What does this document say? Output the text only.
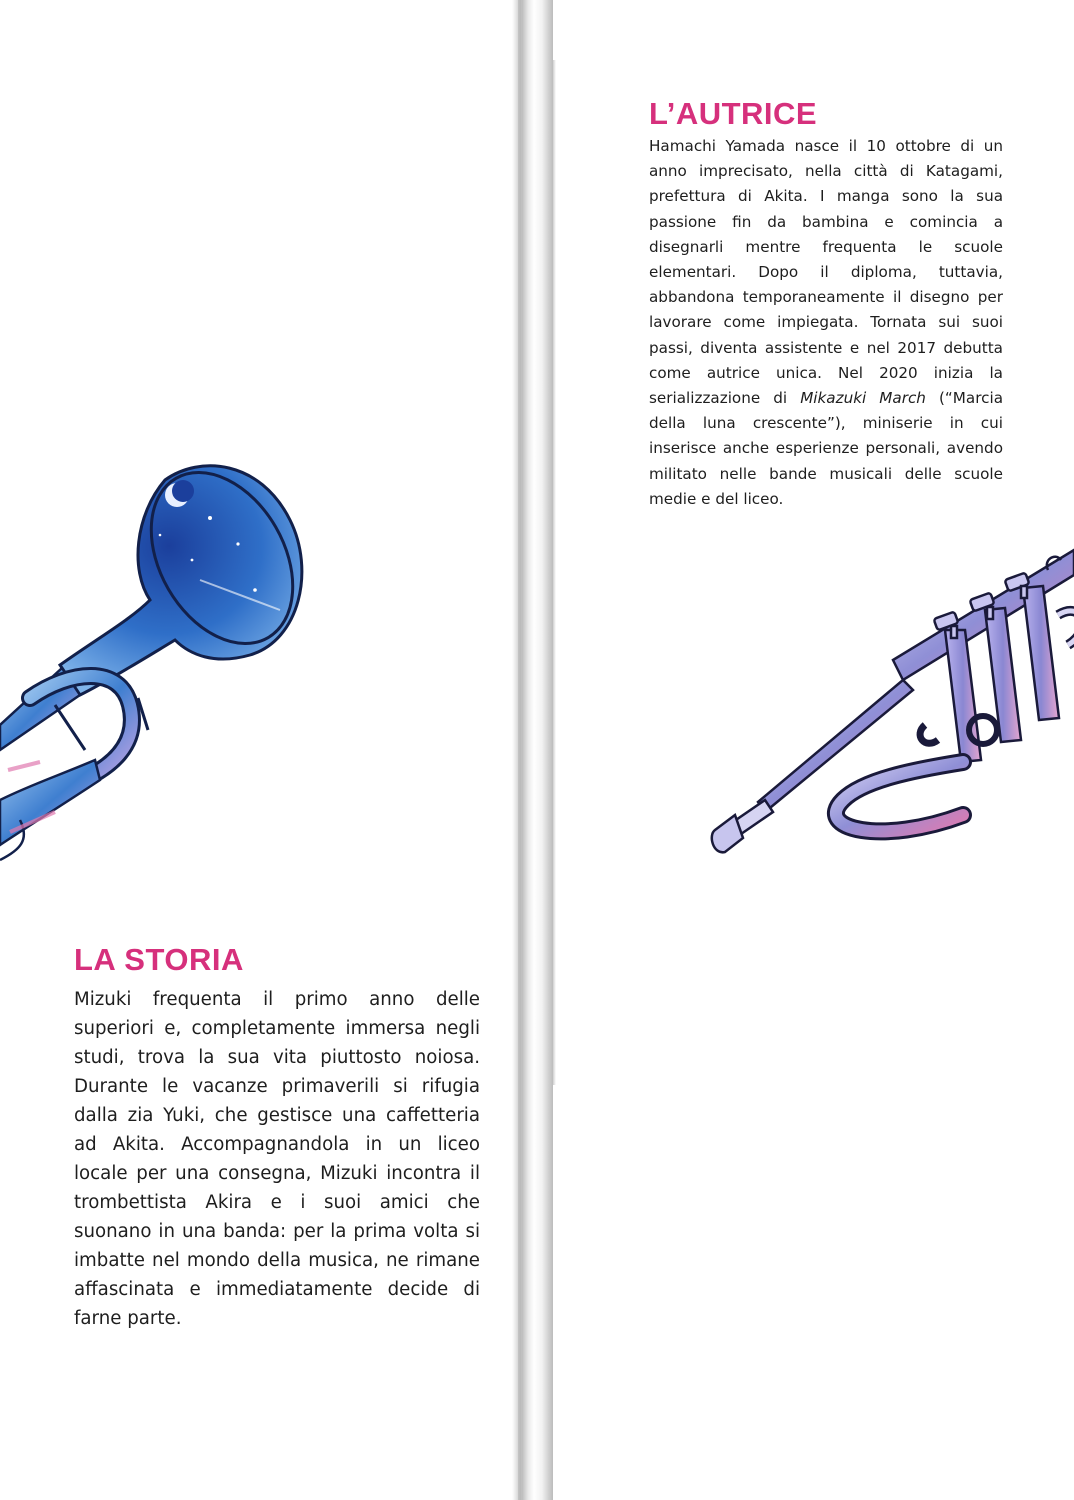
LA STORIA

Mizuki frequenta il primo anno delle superiori e, completamente immersa negli studi, trova la sua vita piuttosto noiosa. Durante le vacanze primaverili si rifugia dalla zia Yuki, che gestisce una caffetteria ad Akita. Accompagnandola in un liceo locale per una consegna, Mizuki incontra il trombettista Akira e i suoi amici che suonano in una banda: per la prima volta si imbatte nel mondo della musica, ne rimane affascinata e immediatamente decide di farne parte.

L’AUTRICE

Hamachi Yamada nasce il 10 ottobre di un anno imprecisato, nella città di Katagami, prefettura di Akita. I manga sono la sua passione fin da bambina e comincia a disegnarli mentre frequenta le scuole elementari. Dopo il diploma, tuttavia, abbandona temporaneamente il disegno per lavorare come impiegata. Tornata sui suoi passi, diventa assistente e nel 2017 debutta come autrice unica. Nel 2020 inizia la serializzazione di Mikazuki March (“Marcia della luna crescente”), miniserie in cui inserisce anche esperienze personali, avendo militato nelle bande musicali delle scuole medie e del liceo.
